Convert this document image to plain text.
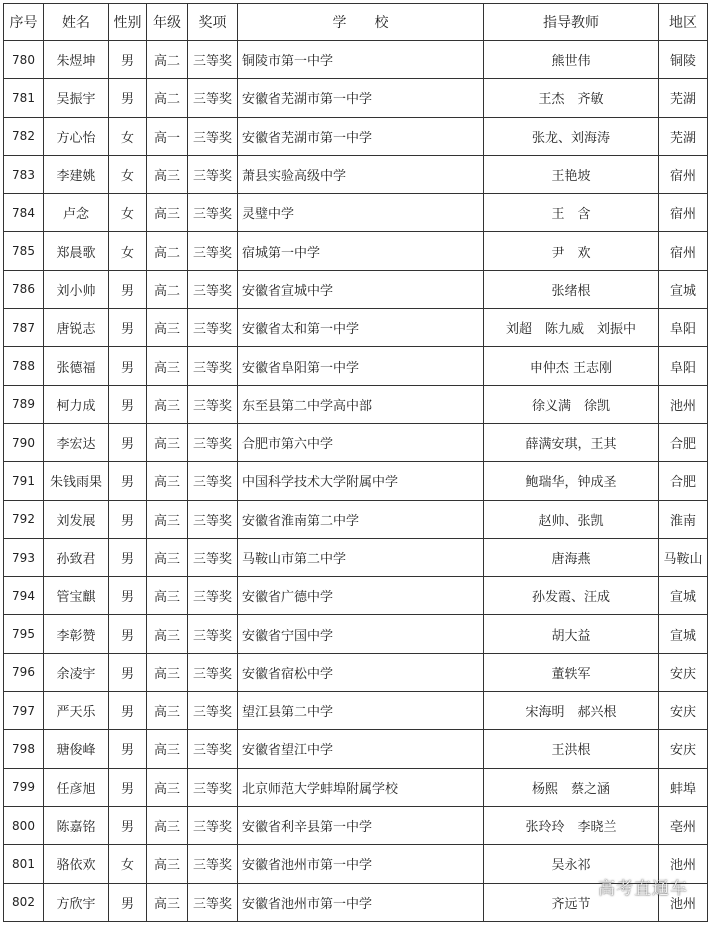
序号	姓名	性别	年级	奖项	学　　校	指导教师	地区
780	朱煜坤	男	高二	三等奖	铜陵市第一中学	熊世伟	铜陵
781	吴振宇	男	高二	三等奖	安徽省芜湖市第一中学	王杰　齐敏	芜湖
782	方心怡	女	高一	三等奖	安徽省芜湖市第一中学	张龙、刘海涛	芜湖
783	李建姚	女	高三	三等奖	萧县实验高级中学	王艳坡	宿州
784	卢念	女	高三	三等奖	灵璧中学	王　含	宿州
785	郑晨歌	女	高二	三等奖	宿城第一中学	尹　欢	宿州
786	刘小帅	男	高二	三等奖	安徽省宣城中学	张绪根	宣城
787	唐锐志	男	高三	三等奖	安徽省太和第一中学	刘超　陈九威　刘振中	阜阳
788	张德福	男	高三	三等奖	安徽省阜阳第一中学	申仲杰 王志刚	阜阳
789	柯力成	男	高三	三等奖	东至县第二中学高中部	徐义满　徐凯	池州
790	李宏达	男	高三	三等奖	合肥市第六中学	薛满安琪，王其	合肥
791	朱钱雨果	男	高三	三等奖	中国科学技术大学附属中学	鲍瑞华，钟成圣	合肥
792	刘发展	男	高三	三等奖	安徽省淮南第二中学	赵帅、张凯	淮南
793	孙致君	男	高三	三等奖	马鞍山市第二中学	唐海燕	马鞍山
794	管宝麒	男	高三	三等奖	安徽省广德中学	孙发霞、汪成	宣城
795	李彰赞	男	高三	三等奖	安徽省宁国中学	胡大益	宣城
796	余凌宇	男	高三	三等奖	安徽省宿松中学	董轶军	安庆
797	严天乐	男	高三	三等奖	望江县第二中学	宋海明　郝兴根	安庆
798	瑭俊峰	男	高三	三等奖	安徽省望江中学	王洪根	安庆
799	任彦旭	男	高三	三等奖	北京师范大学蚌埠附属学校	杨熙　蔡之涵	蚌埠
800	陈嘉铭	男	高三	三等奖	安徽省利辛县第一中学	张玲玲　李晓兰	亳州
801	骆依欢	女	高三	三等奖	安徽省池州市第一中学	吴永祁	池州
802	方欣宇	男	高三	三等奖	安徽省池州市第一中学	齐远节	池州
高考直通车
